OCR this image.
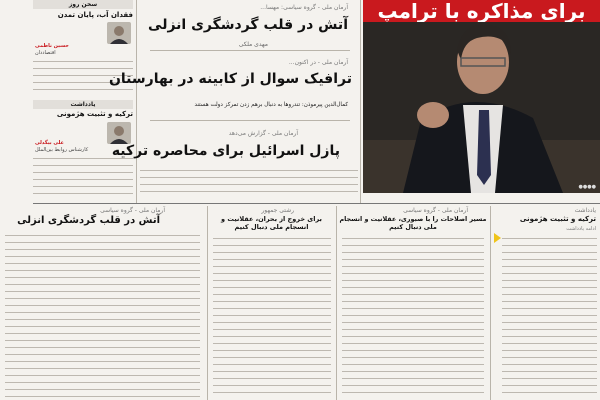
برای مذاکره با ترامپ
●●●●
سخن روز
فقدان آب، پایان تمدن
حسین ناظمی
اقتصاددان
یادداشت
ترکیه و تثبیت هژمونی
علی بیگدلی
کارشناس روابط بین‌الملل
آرمان ملی - گروه سیاسی: مهسا...
آتش در قلب گردشگری انزلی
مهدی ملکی
آرمان ملی - در اکنون...
ترافیک سوال از کابینه در بهارستان
کمال‌الدین پیرموذن: تندروها به دنبال برهم زدن تمرکز دولت هستند
آرمان ملی - گزارش می‌دهد
پازل اسرائیل برای محاصره ترکیه
آرمان ملی - گروه سیاسی
آتش در قلب گردشگری انزلی
رشتی جمهور
برای خروج از بحران، عقلانیت و انسجام ملی دنبال کنیم
آرمان ملی - گروه سیاسی
مسیر اصلاحات را با صبوری، عقلانیت و انسجام ملی دنبال کنیم
یادداشت
ترکیه و تثبیت هژمونی
ادامه یادداشت
